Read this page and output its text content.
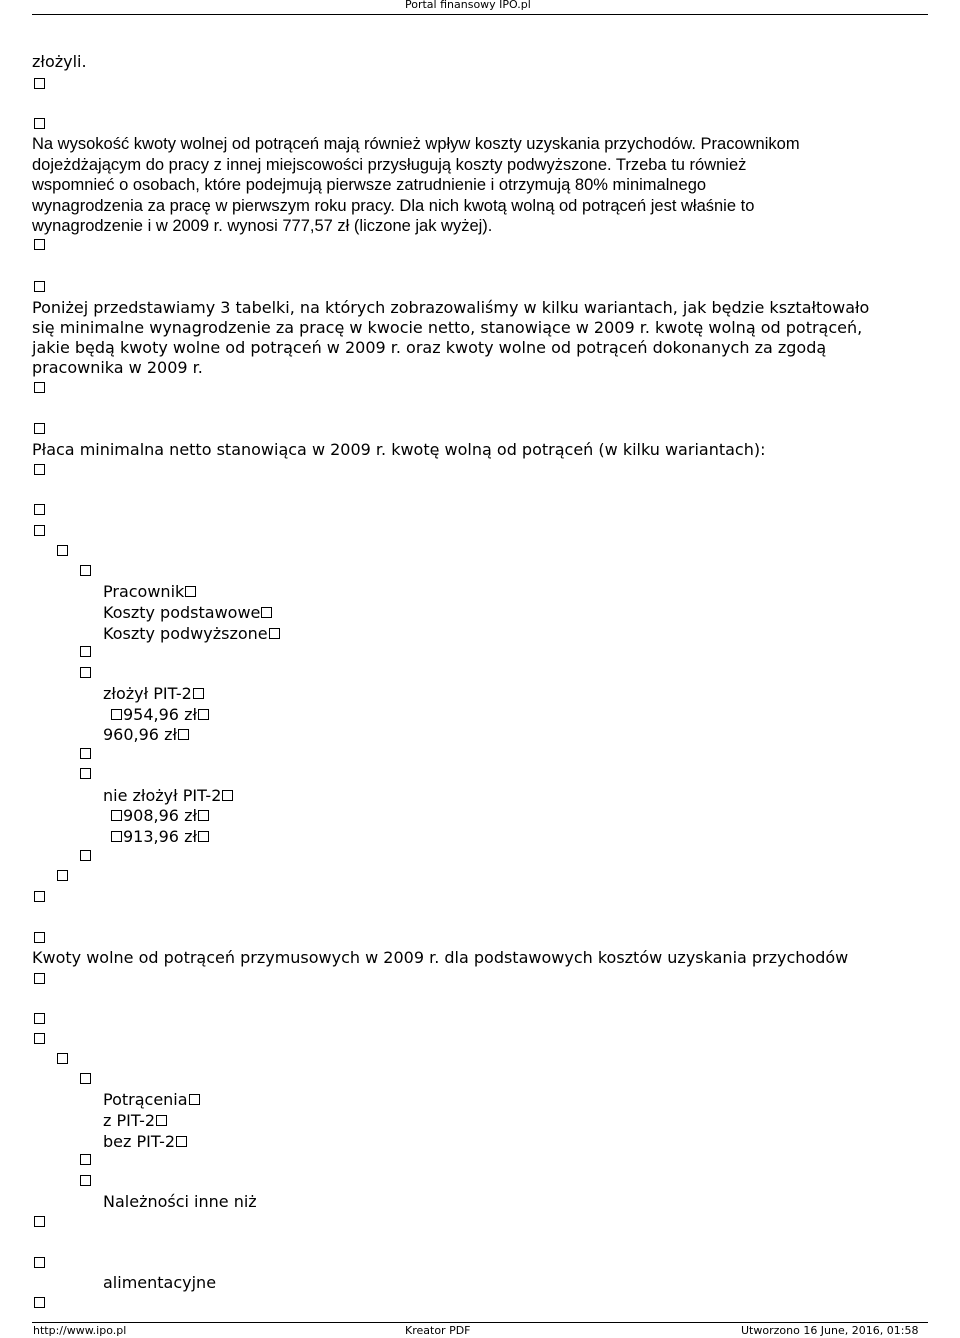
Portal finansowy IPO.pl
złożyli.
Na wysokość kwoty wolnej od potrąceń mają również wpływ koszty uzyskania przychodów. Pracownikom
dojeżdżającym do pracy z innej miejscowości przysługują koszty podwyższone. Trzeba tu również
wspomnieć o osobach, które podejmują pierwsze zatrudnienie i otrzymują 80% minimalnego
wynagrodzenia za pracę w pierwszym roku pracy. Dla nich kwotą wolną od potrąceń jest właśnie to
wynagrodzenie i w 2009 r. wynosi 777,57 zł (liczone jak wyżej).
Poniżej przedstawiamy 3 tabelki, na których zobrazowaliśmy w kilku wariantach, jak będzie kształtowało
się minimalne wynagrodzenie za pracę w kwocie netto, stanowiące w 2009 r. kwotę wolną od potrąceń,
jakie będą kwoty wolne od potrąceń w 2009 r. oraz kwoty wolne od potrąceń dokonanych za zgodą
pracownika w 2009 r.
Płaca minimalna netto stanowiąca w 2009 r. kwotę wolną od potrąceń (w kilku wariantach):
Pracownik
Koszty podstawowe
Koszty podwyższone
złożył PIT-2
954,96 zł
960,96 zł
nie złożył PIT-2
908,96 zł
913,96 zł
Kwoty wolne od potrąceń przymusowych w 2009 r. dla podstawowych kosztów uzyskania przychodów
Potrącenia
z PIT-2
bez PIT-2
Należności inne niż
alimentacyjne
http://www.ipo.pl	Kreator PDF	Utworzono 16 June, 2016, 01:58
